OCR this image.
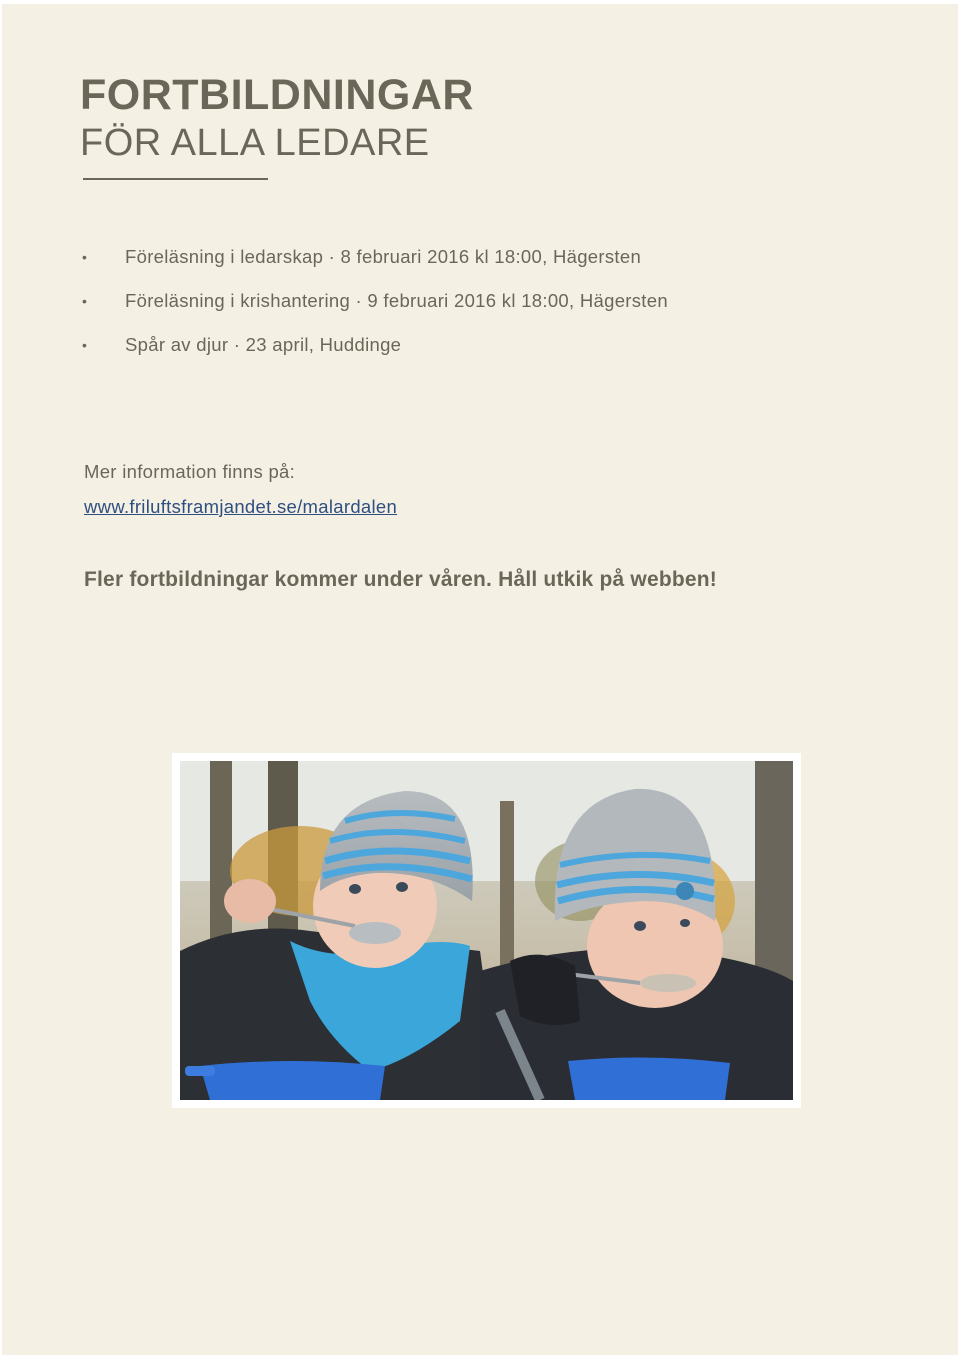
FORTBILDNINGAR
FÖR ALLA LEDARE
• Föreläsning i ledarskap · 8 februari 2016 kl 18:00, Hägersten
• Föreläsning i krishantering · 9 februari 2016 kl 18:00, Hägersten
• Spår av djur · 23 april, Huddinge
Mer information finns på:
www.friluftsframjandet.se/malardalen
Fler fortbildningar kommer under våren. Håll utkik på webben!
